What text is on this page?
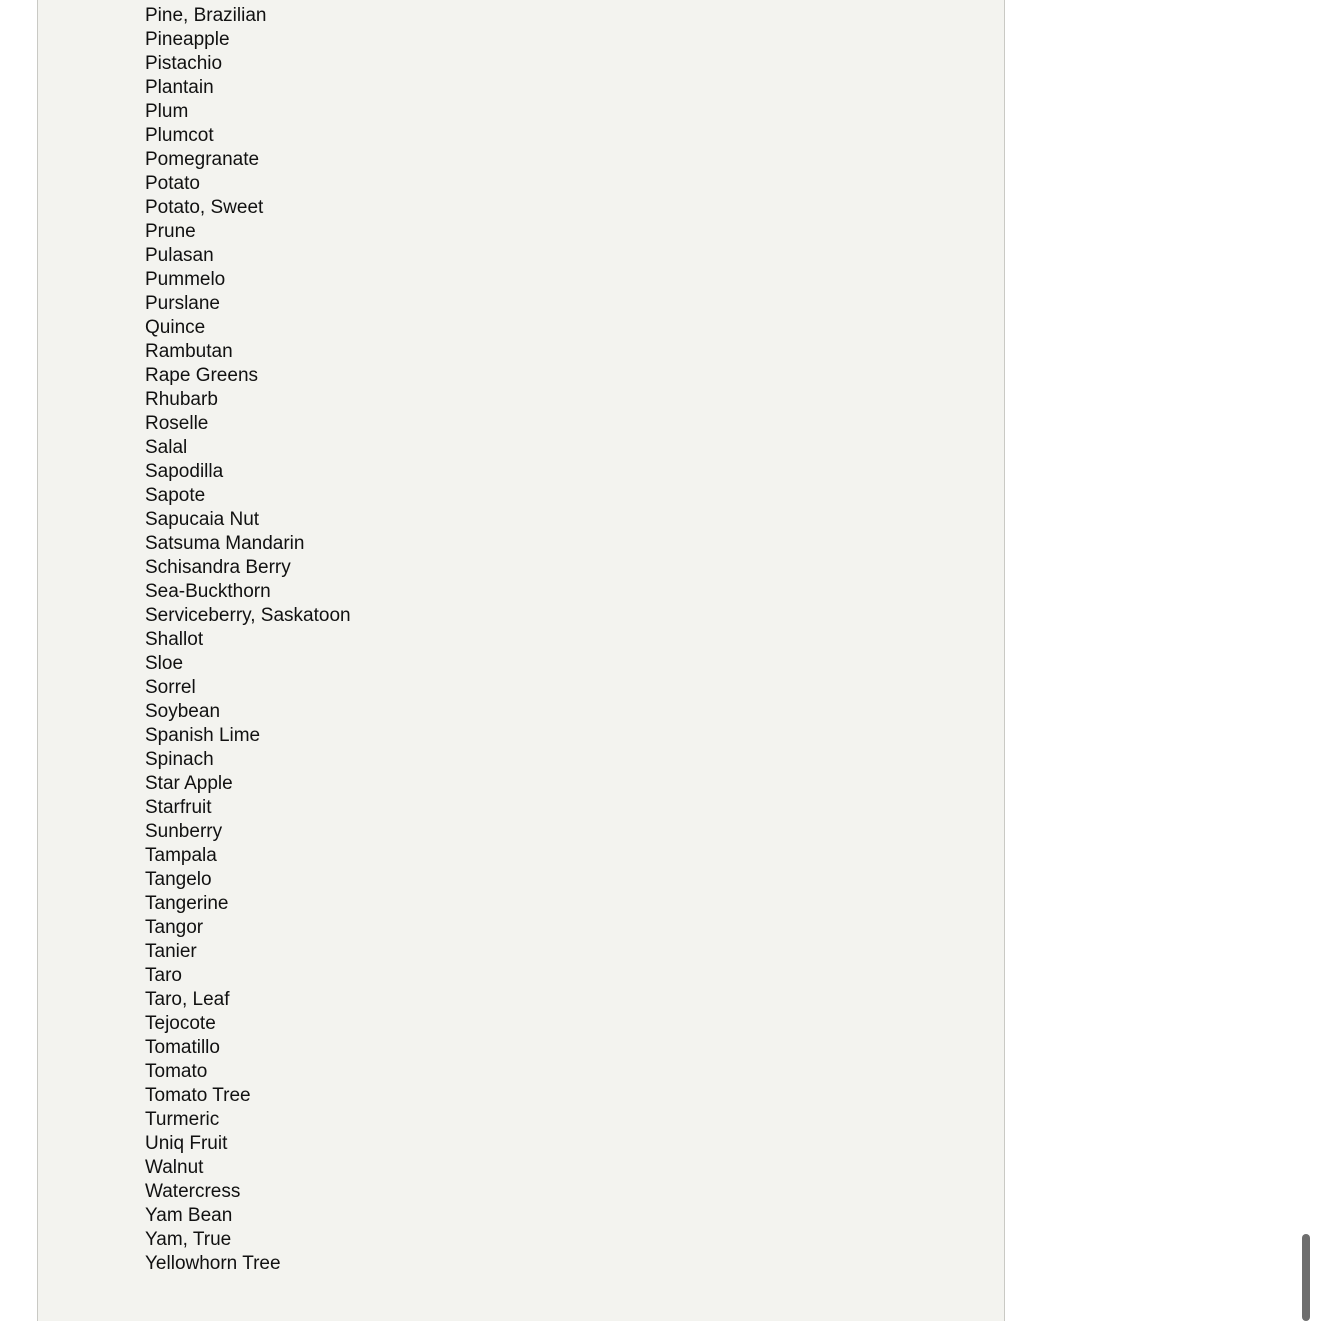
Pine, Brazilian
Pineapple
Pistachio
Plantain
Plum
Plumcot
Pomegranate
Potato
Potato, Sweet
Prune
Pulasan
Pummelo
Purslane
Quince
Rambutan
Rape Greens
Rhubarb
Roselle
Salal
Sapodilla
Sapote
Sapucaia Nut
Satsuma Mandarin
Schisandra Berry
Sea-Buckthorn
Serviceberry, Saskatoon
Shallot
Sloe
Sorrel
Soybean
Spanish Lime
Spinach
Star Apple
Starfruit
Sunberry
Tampala
Tangelo
Tangerine
Tangor
Tanier
Taro
Taro, Leaf
Tejocote
Tomatillo
Tomato
Tomato Tree
Turmeric
Uniq Fruit
Walnut
Watercress
Yam Bean
Yam, True
Yellowhorn Tree
